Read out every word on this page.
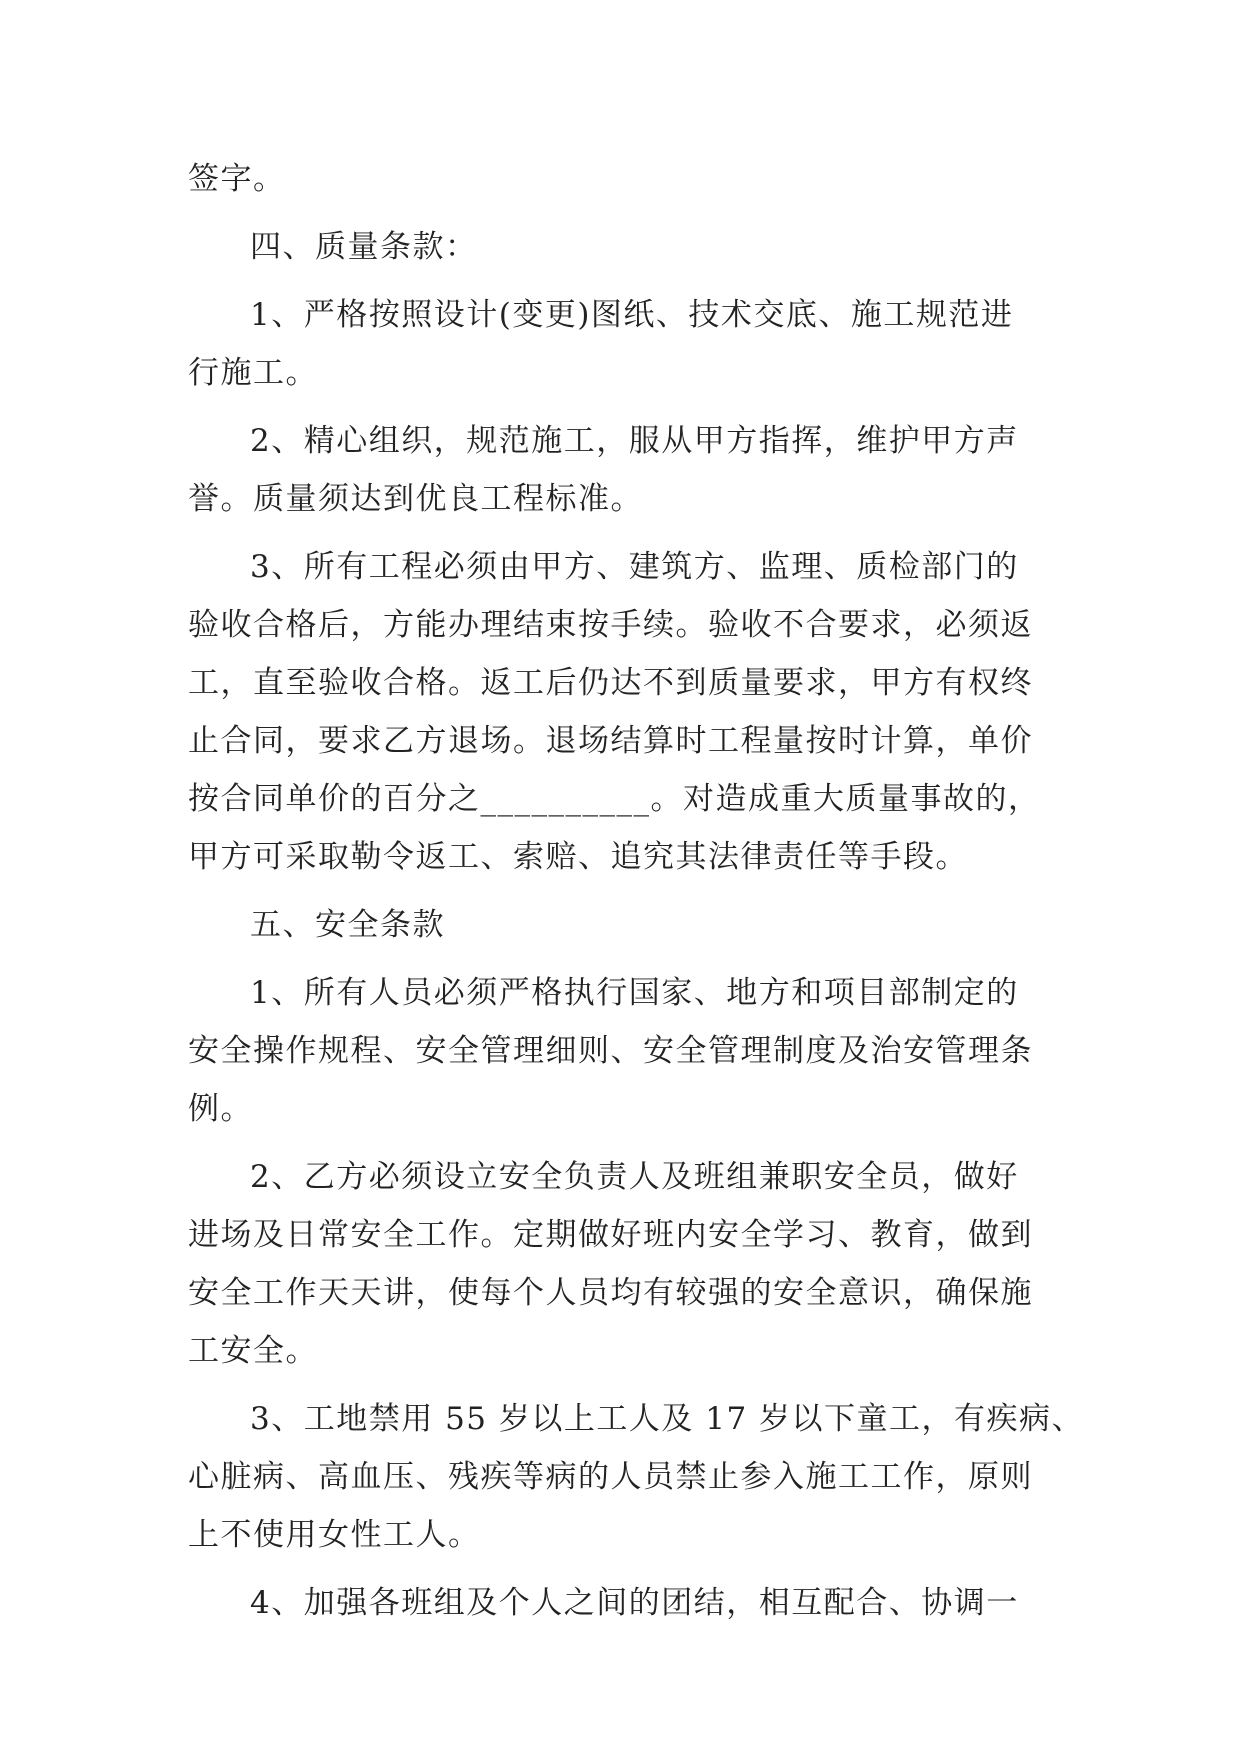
签字。
四、质量条款：
1、严格按照设计(变更)图纸、技术交底、施工规范进
行施工。
2、精心组织，规范施工，服从甲方指挥，维护甲方声
誉。质量须达到优良工程标准。
3、所有工程必须由甲方、建筑方、监理、质检部门的
验收合格后，方能办理结束按手续。验收不合要求，必须返
工，直至验收合格。返工后仍达不到质量要求，甲方有权终
止合同，要求乙方退场。退场结算时工程量按时计算，单价
按合同单价的百分之__________。对造成重大质量事故的，
甲方可采取勒令返工、索赔、追究其法律责任等手段。
五、安全条款
1、所有人员必须严格执行国家、地方和项目部制定的
安全操作规程、安全管理细则、安全管理制度及治安管理条
例。
2、乙方必须设立安全负责人及班组兼职安全员，做好
进场及日常安全工作。定期做好班内安全学习、教育，做到
安全工作天天讲，使每个人员均有较强的安全意识，确保施
工安全。
3、工地禁用 55 岁以上工人及 17 岁以下童工，有疾病、
心脏病、高血压、残疾等病的人员禁止参入施工工作，原则
上不使用女性工人。
4、加强各班组及个人之间的团结，相互配合、协调一
